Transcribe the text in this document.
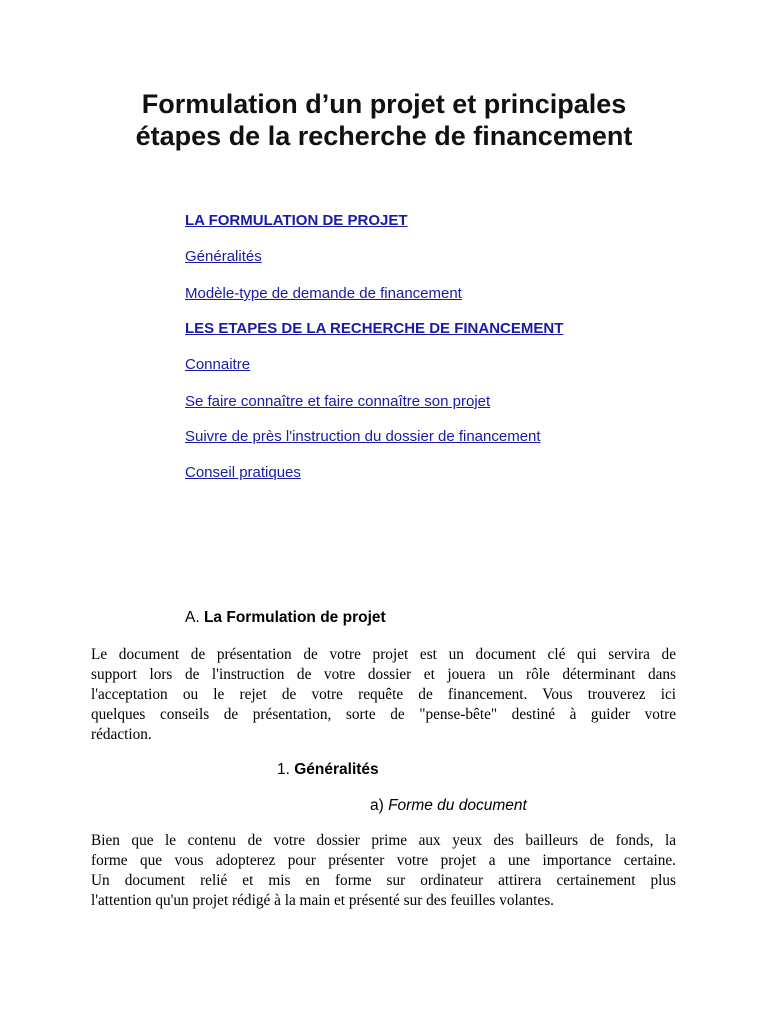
Formulation d’un projet et principales
étapes de la recherche de financement
LA FORMULATION DE PROJET
Généralités
Modèle-type de demande de financement
LES ETAPES DE LA RECHERCHE DE FINANCEMENT
Connaitre
Se faire connaître et faire connaître son projet
Suivre de près l'instruction du dossier de financement
Conseil pratiques
A. La Formulation de projet

Le document de présentation de votre projet est un document clé qui servira de
support lors de l'instruction de votre dossier et jouera un rôle déterminant dans
l'acceptation ou le rejet de votre requête de financement. Vous trouverez ici
quelques conseils de présentation, sorte de "pense-bête" destiné à guider votre
rédaction.

1. Généralités
a) Forme du document

Bien que le contenu de votre dossier prime aux yeux des bailleurs de fonds, la
forme que vous adopterez pour présenter votre projet a une importance certaine.
Un document relié et mis en forme sur ordinateur attirera certainement plus
l'attention qu'un projet rédigé à la main et présenté sur des feuilles volantes.
